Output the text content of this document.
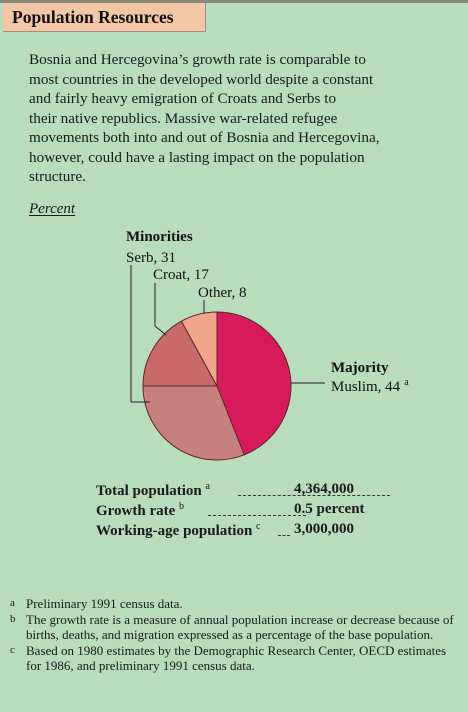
Population Resources

Bosnia and Hercegovina’s growth rate is comparable to
most countries in the developed world despite a constant
and fairly heavy emigration of Croats and Serbs to
their native republics. Massive war-related refugee
movements both into and out of Bosnia and Hercegovina,
however, could have a lasting impact on the population
structure.

Percent
Minorities
Serb, 31
Croat, 17
Other, 8
Majority
Muslim, 44 $^a$
Total population $^a$	4,364,000
Growth rate $^b$	0.5 percent
Working-age population $^c$ 3,000,000
a Preliminary 1991 census data.
b The growth rate is a measure of annual population increase or decrease because of births, deaths, and migration expressed as a percentage of the base population.
c Based on 1980 estimates by the Demographic Research Center, OECD estimates for 1986, and preliminary 1991 census data.
